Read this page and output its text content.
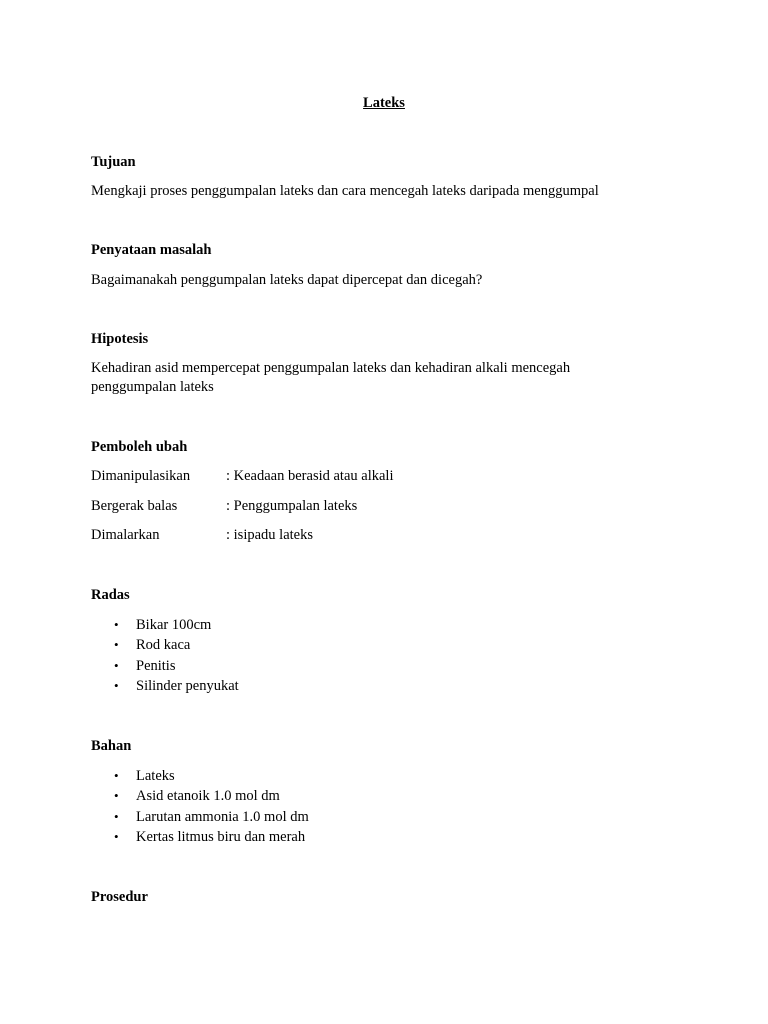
Lateks
Tujuan
Mengkaji proses penggumpalan lateks dan cara mencegah lateks daripada menggumpal
Penyataan masalah
Bagaimanakah penggumpalan lateks dapat dipercepat dan dicegah?
Hipotesis
Kehadiran asid mempercepat penggumpalan lateks dan kehadiran alkali mencegah
penggumpalan lateks
Pemboleh ubah
Dimanipulasikan : Keadaan berasid atau alkali
Bergerak balas	: Penggumpalan lateks
Dimalarkan	: isipadu lateks
Radas
• Bikar 100cm
• Rod kaca
• Penitis
• Silinder penyukat
Bahan
• Lateks
• Asid etanoik 1.0 mol dm
• Larutan ammonia 1.0 mol dm
• Kertas litmus biru dan merah
Prosedur
